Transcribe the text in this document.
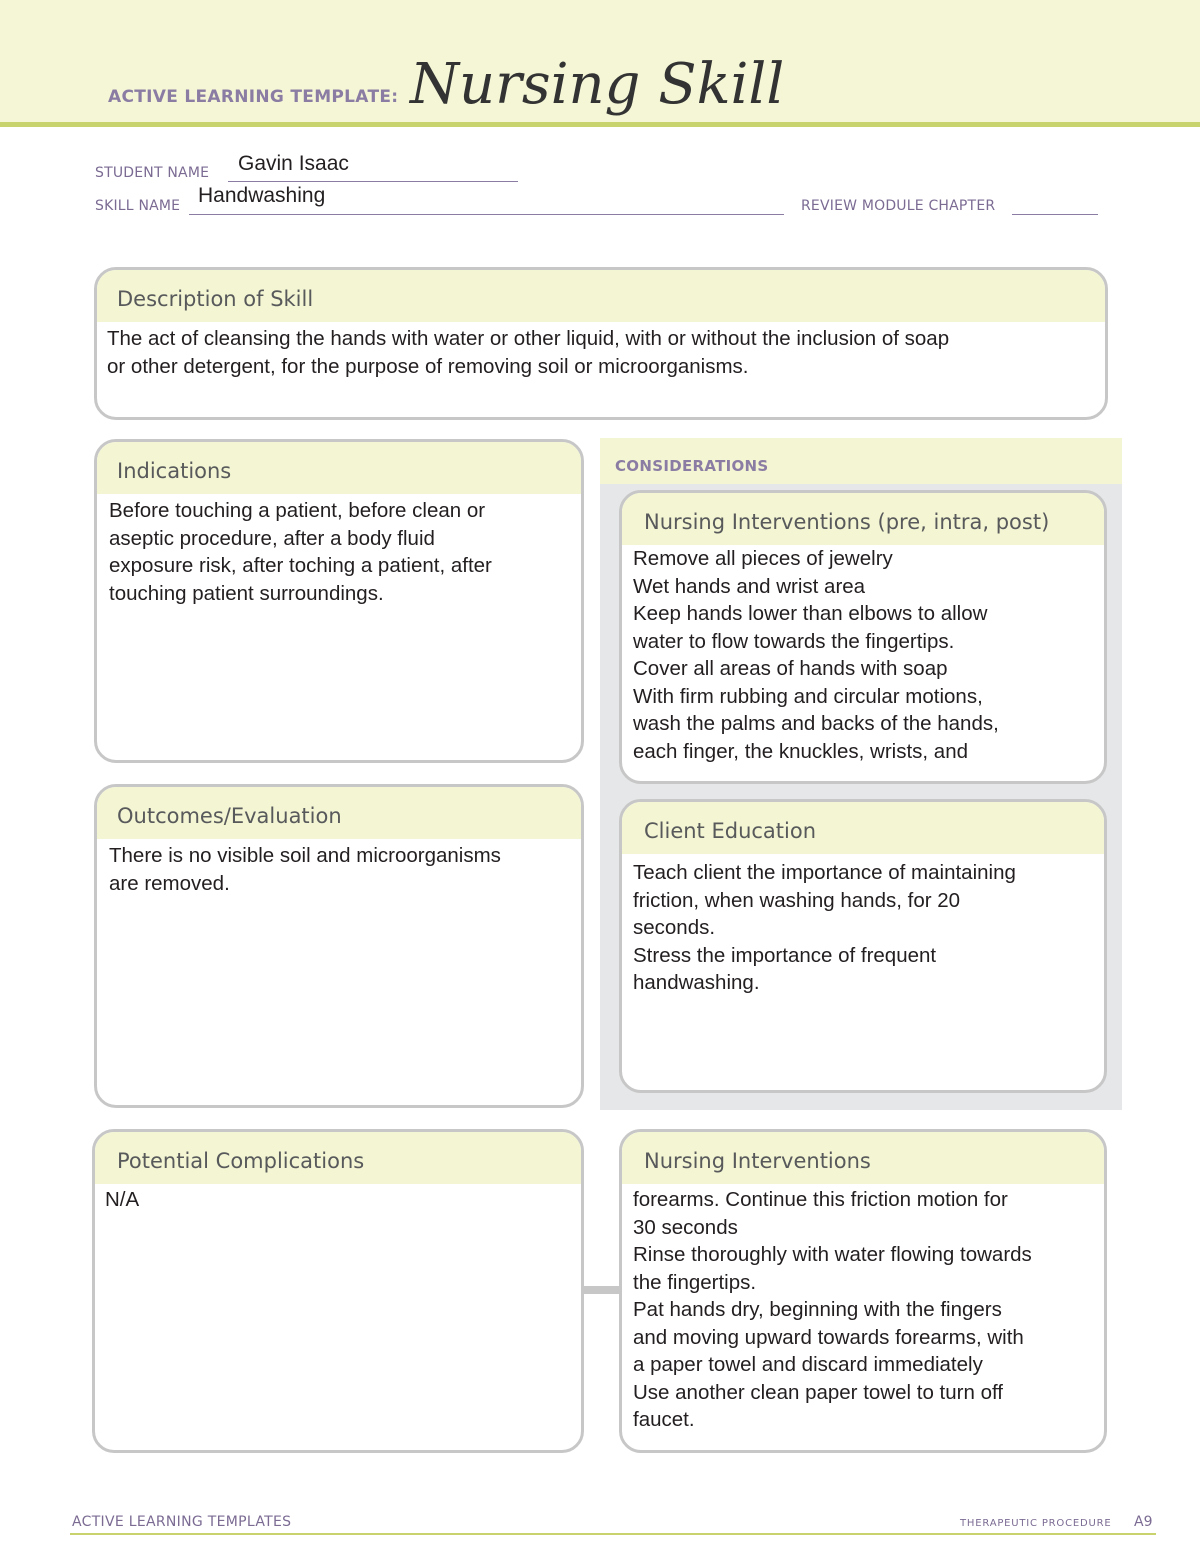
ACTIVE LEARNING TEMPLATE: Nursing Skill
STUDENT NAME Gavin Isaac
SKILL NAME Handwashing	REVIEW MODULE CHAPTER
Description of Skill
The act of cleansing the hands with water or other liquid, with or without the inclusion of soap
or other detergent, for the purpose of removing soil or microorganisms.
Indications
Before touching a patient, before clean or
aseptic procedure, after a body fluid
exposure risk, after toching a patient, after
touching patient surroundings.
CONSIDERATIONS
Nursing Interventions (pre, intra, post)
Remove all pieces of jewelry
Wet hands and wrist area
Keep hands lower than elbows to allow
water to flow towards the fingertips.
Cover all areas of hands with soap
With firm rubbing and circular motions,
wash the palms and backs of the hands,
each finger, the knuckles, wrists, and
Client Education
Teach client the importance of maintaining
friction, when washing hands, for 20
seconds.
Stress the importance of frequent
handwashing.
Outcomes/Evaluation
There is no visible soil and microorganisms
are removed.
Potential Complications
N/A
Nursing Interventions
forearms. Continue this friction motion for
30 seconds
Rinse thoroughly with water flowing towards
the fingertips.
Pat hands dry, beginning with the fingers
and moving upward towards forearms, with
a paper towel and discard immediately
Use another clean paper towel to turn off
faucet.
ACTIVE LEARNING TEMPLATES	THERAPEUTIC PROCEDURE A9
